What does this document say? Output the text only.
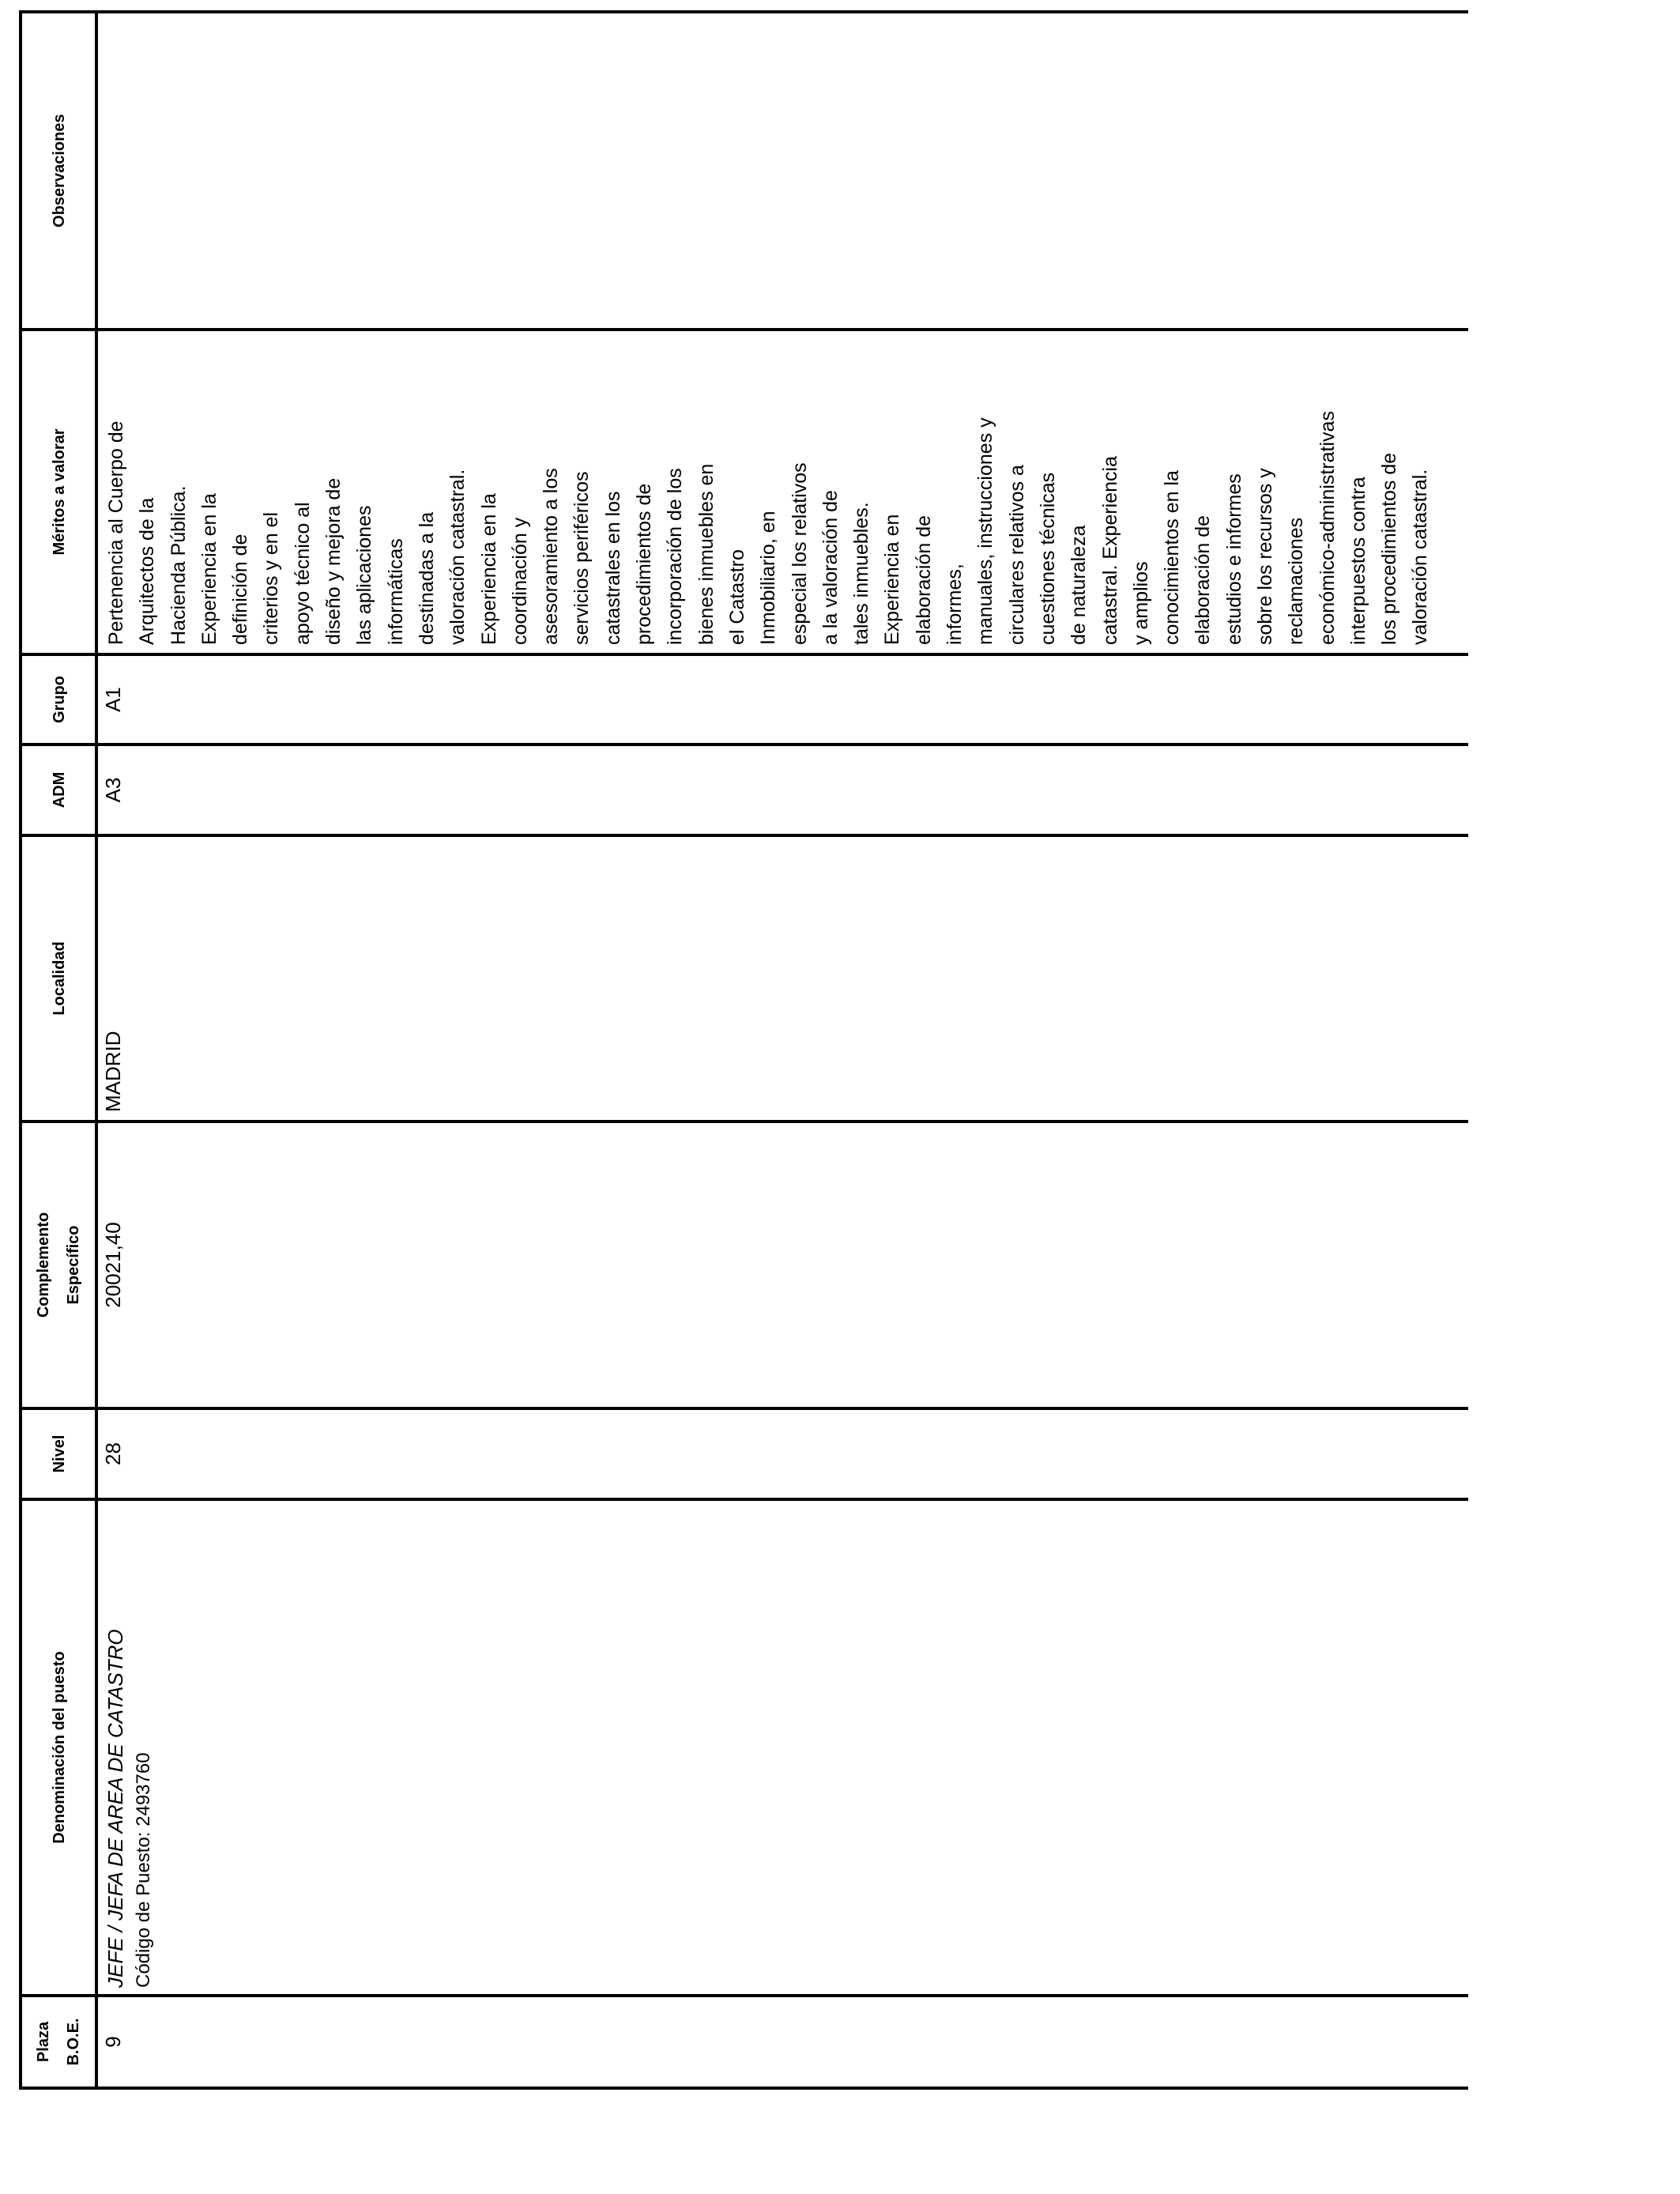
Observaciones
Méritos a valorar
Grupo
ADM
Localidad
Complemento Específico
Nivel
Denominación del puesto
Plaza B.O.E.
Pertenencia al Cuerpo de Arquitectos de la Hacienda Pública. Experiencia en la definición de criterios y en el apoyo técnico al diseño y mejora de las aplicaciones informáticas destinadas a la valoración catastral. Experiencia en la coordinación y asesoramiento a los servicios periféricos catastrales en los procedimientos de incorporación de los bienes inmuebles en el Catastro Inmobiliario, en especial los relativos a la valoración de tales inmuebles. Experiencia en elaboración de informes, manuales, instrucciones y circulares relativos a cuestiones técnicas de naturaleza catastral. Experiencia y amplios conocimientos en la elaboración de estudios e informes sobre los recursos y reclamaciones económico-administrativas interpuestos contra los procedimientos de valoración catastral.
A1
A3
MADRID
20021,40
28
JEFE / JEFA DE AREA DE CATASTRO Código de Puesto: 2493760
9
